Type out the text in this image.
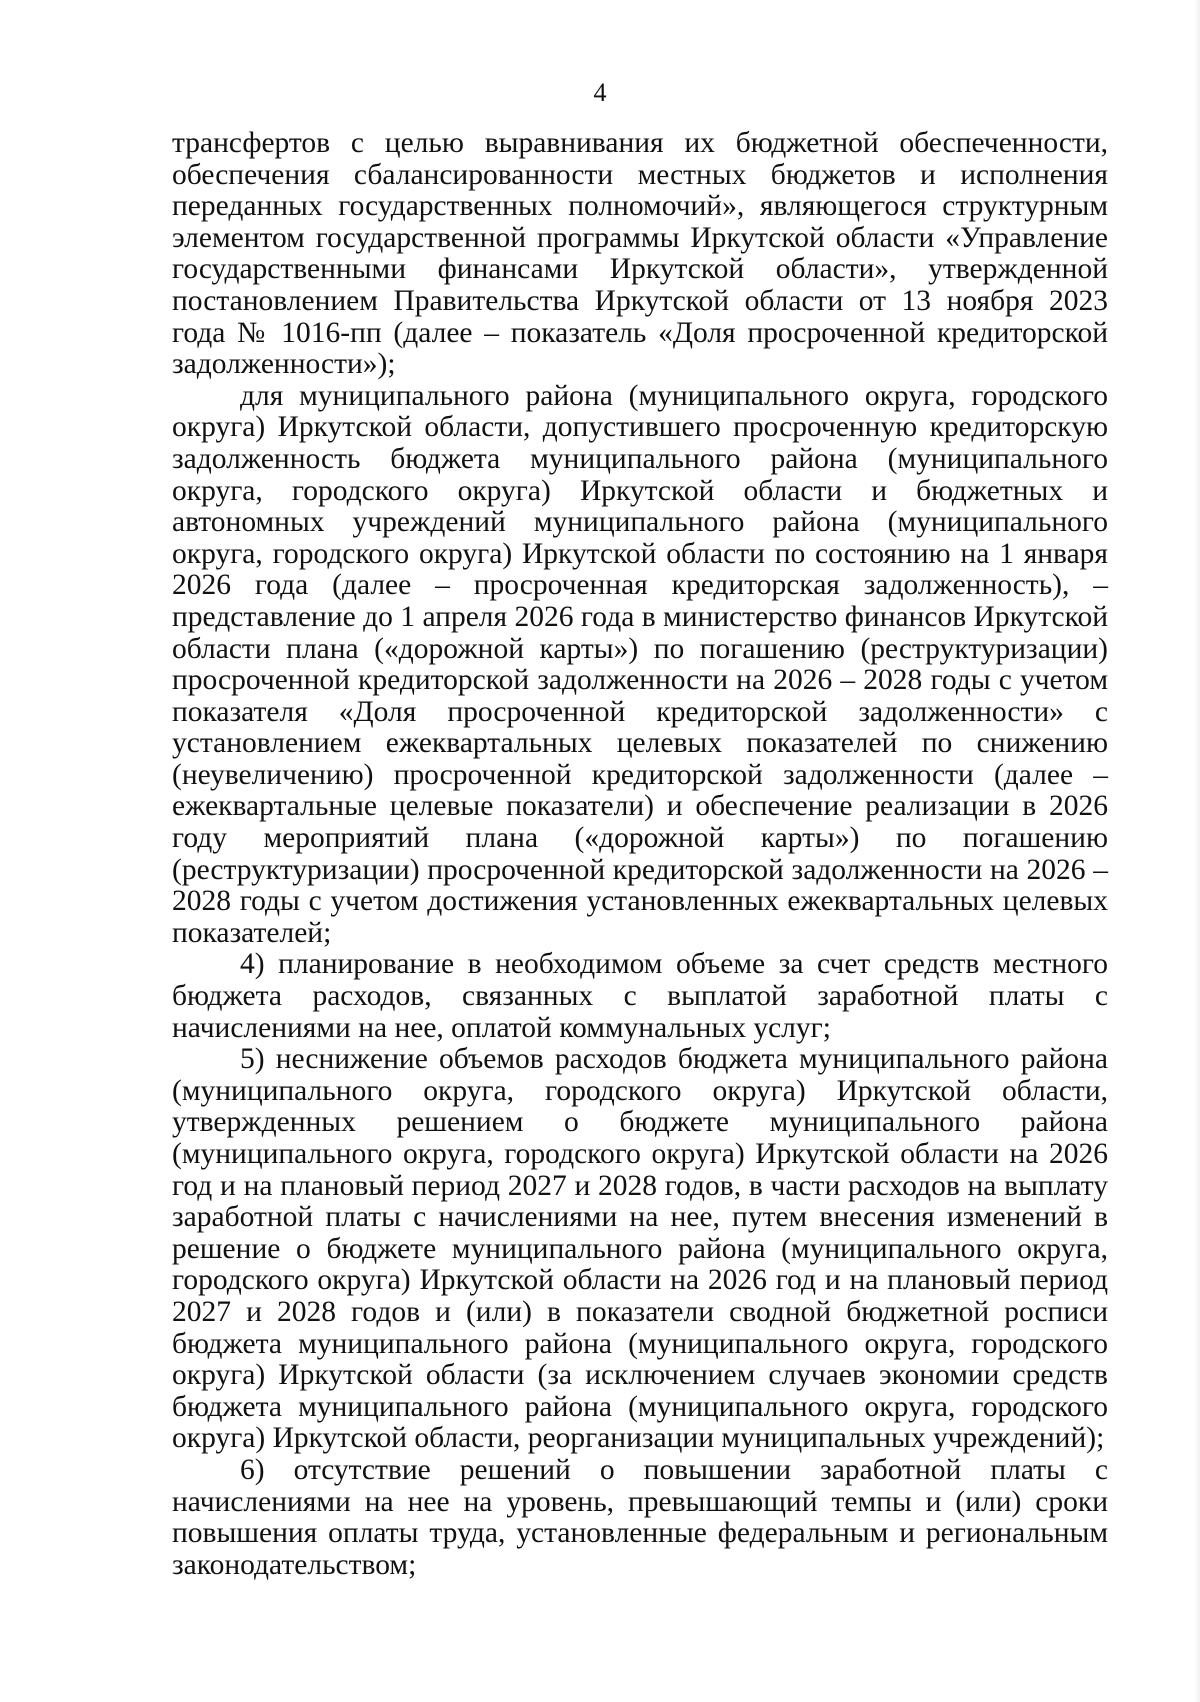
4

трансфертов с целью выравнивания их бюджетной обеспеченности, обеспечения сбалансированности местных бюджетов и исполнения переданных государственных полномочий», являющегося структурным элементом государственной программы Иркутской области «Управление государственными финансами Иркутской области», утвержденной постановлением Правительства Иркутской области от 13 ноября 2023 года № 1016-пп (далее – показатель «Доля просроченной кредиторской задолженности»);

для муниципального района (муниципального округа, городского округа) Иркутской области, допустившего просроченную кредиторскую задолженность бюджета муниципального района (муниципального округа, городского округа) Иркутской области и бюджетных и автономных учреждений муниципального района (муниципального округа, городского округа) Иркутской области по состоянию на 1 января 2026 года (далее – просроченная кредиторская задолженность), – представление до 1 апреля 2026 года в министерство финансов Иркутской области плана («дорожной карты») по погашению (реструктуризации) просроченной кредиторской задолженности на 2026 – 2028 годы с учетом показателя «Доля просроченной кредиторской задолженности» с установлением ежеквартальных целевых показателей по снижению (неувеличению) просроченной кредиторской задолженности (далее – ежеквартальные целевые показатели) и обеспечение реализации в 2026 году мероприятий плана («дорожной карты») по погашению (реструктуризации) просроченной кредиторской задолженности на 2026 – 2028 годы с учетом достижения установленных ежеквартальных целевых показателей;

4) планирование в необходимом объеме за счет средств местного бюджета расходов, связанных с выплатой заработной платы с начислениями на нее, оплатой коммунальных услуг;

5) неснижение объемов расходов бюджета муниципального района (муниципального округа, городского округа) Иркутской области, утвержденных решением о бюджете муниципального района (муниципального округа, городского округа) Иркутской области на 2026 год и на плановый период 2027 и 2028 годов, в части расходов на выплату заработной платы с начислениями на нее, путем внесения изменений в решение о бюджете муниципального района (муниципального округа, городского округа) Иркутской области на 2026 год и на плановый период 2027 и 2028 годов и (или) в показатели сводной бюджетной росписи бюджета муниципального района (муниципального округа, городского округа) Иркутской области (за исключением случаев экономии средств бюджета муниципального района (муниципального округа, городского округа) Иркутской области, реорганизации муниципальных учреждений);

6) отсутствие решений о повышении заработной платы с начислениями на нее на уровень, превышающий темпы и (или) сроки повышения оплаты труда, установленные федеральным и региональным законодательством;
